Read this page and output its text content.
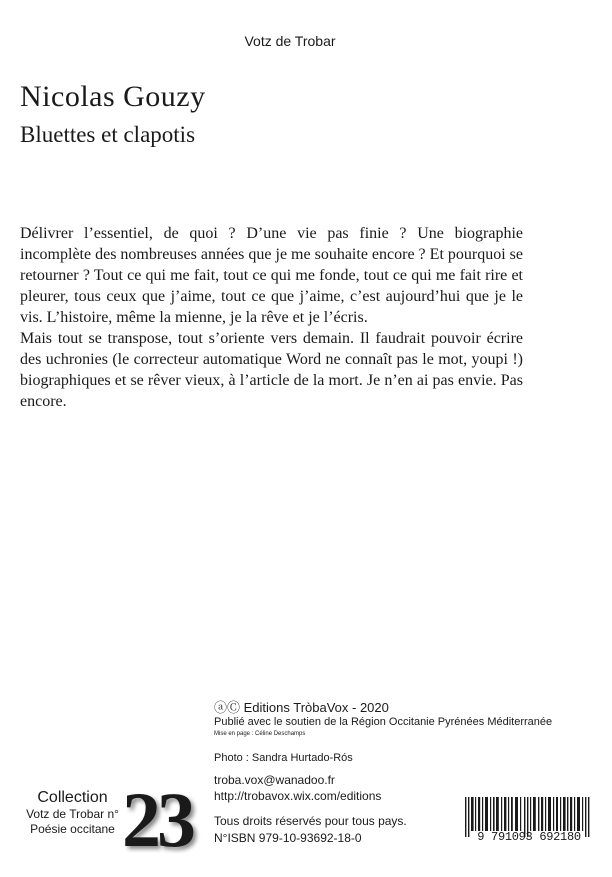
Votz de Trobar
Nicolas Gouzy
Bluettes et clapotis

Délivrer l’essentiel, de quoi ? D’une vie pas finie ? Une biographie incomplète des nombreuses années que je me souhaite encore ? Et pourquoi se retourner ? Tout ce qui me fait, tout ce qui me fonde, tout ce qui me fait rire et pleurer, tous ceux que j’aime, tout ce que j’aime, c’est aujourd’hui que je le vis. L’histoire, même la mienne, je la rêve et je l’écris.

Mais tout se transpose, tout s’oriente vers demain. Il faudrait pouvoir écrire des uchronies (le correcteur automatique Word ne connaît pas le mot, youpi !) biographiques et se rêver vieux, à l’article de la mort. Je n’en ai pas envie. Pas encore.

ⓐⒸ Editions TròbaVox - 2020
Publié avec le soutien de la Région Occitanie Pyrénées Méditerranée
Mise en page : Céline Deschamps
Photo : Sandra Hurtado-Rós
troba.vox@wanadoo.fr
http://trobavox.wix.com/editions
Tous droits réservés pour tous pays.
N°ISBN 979-10-93692-18-0
Collection
Votz de Trobar n°
Poésie occitane 23	9 791093 692180
